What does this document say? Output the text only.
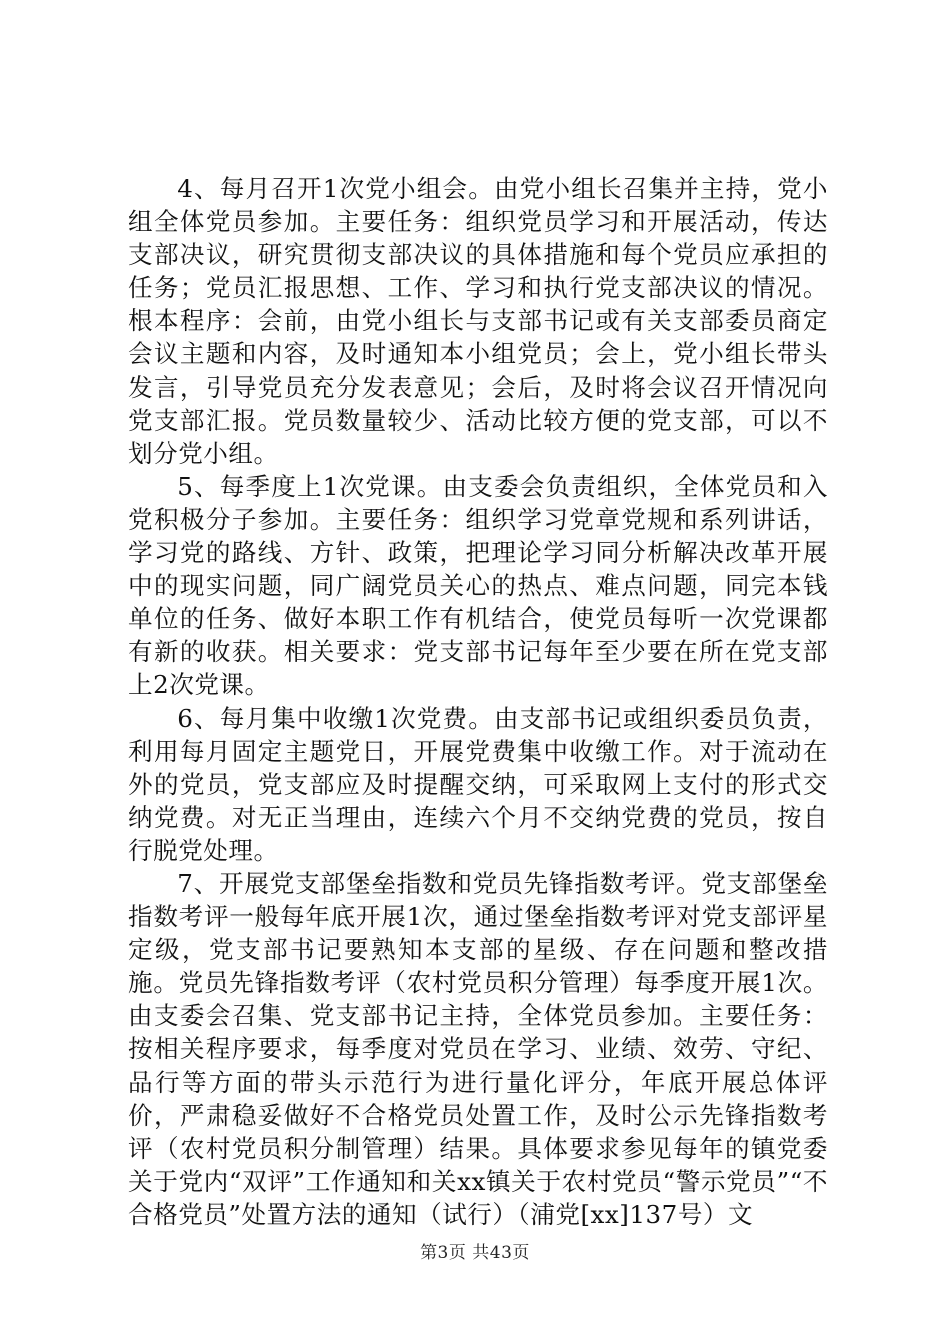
4、每月召开1次党小组会。由党小组长召集并主持，党小组全体党员参加。主要任务：组织党员学习和开展活动，传达支部决议，研究贯彻支部决议的具体措施和每个党员应承担的任务；党员汇报思想、工作、学习和执行党支部决议的情况。根本程序：会前，由党小组长与支部书记或有关支部委员商定会议主题和内容，及时通知本小组党员；会上，党小组长带头发言，引导党员充分发表意见；会后，及时将会议召开情况向党支部汇报。党员数量较少、活动比较方便的党支部，可以不划分党小组。

5、每季度上1次党课。由支委会负责组织，全体党员和入党积极分子参加。主要任务：组织学习党章党规和系列讲话，学习党的路线、方针、政策，把理论学习同分析解决改革开展中的现实问题，同广阔党员关心的热点、难点问题，同完本钱单位的任务、做好本职工作有机结合，使党员每听一次党课都有新的收获。相关要求：党支部书记每年至少要在所在党支部上2次党课。

6、每月集中收缴1次党费。由支部书记或组织委员负责，利用每月固定主题党日，开展党费集中收缴工作。对于流动在外的党员，党支部应及时提醒交纳，可采取网上支付的形式交纳党费。对无正当理由，连续六个月不交纳党费的党员，按自行脱党处理。

7、开展党支部堡垒指数和党员先锋指数考评。党支部堡垒指数考评一般每年底开展1次，通过堡垒指数考评对党支部评星定级，党支部书记要熟知本支部的星级、存在问题和整改措施。党员先锋指数考评（农村党员积分管理）每季度开展1次。由支委会召集、党支部书记主持，全体党员参加。主要任务：按相关程序要求，每季度对党员在学习、业绩、效劳、守纪、品行等方面的带头示范行为进行量化评分，年底开展总体评价，严肃稳妥做好不合格党员处置工作，及时公示先锋指数考评（农村党员积分制管理）结果。具体要求参见每年的镇党委关于党内“双评”工作通知和关xx镇关于农村党员“警示党员”“不合格党员”处置方法的通知（试行）（浦党[xx]137号）文

第3页 共43页
